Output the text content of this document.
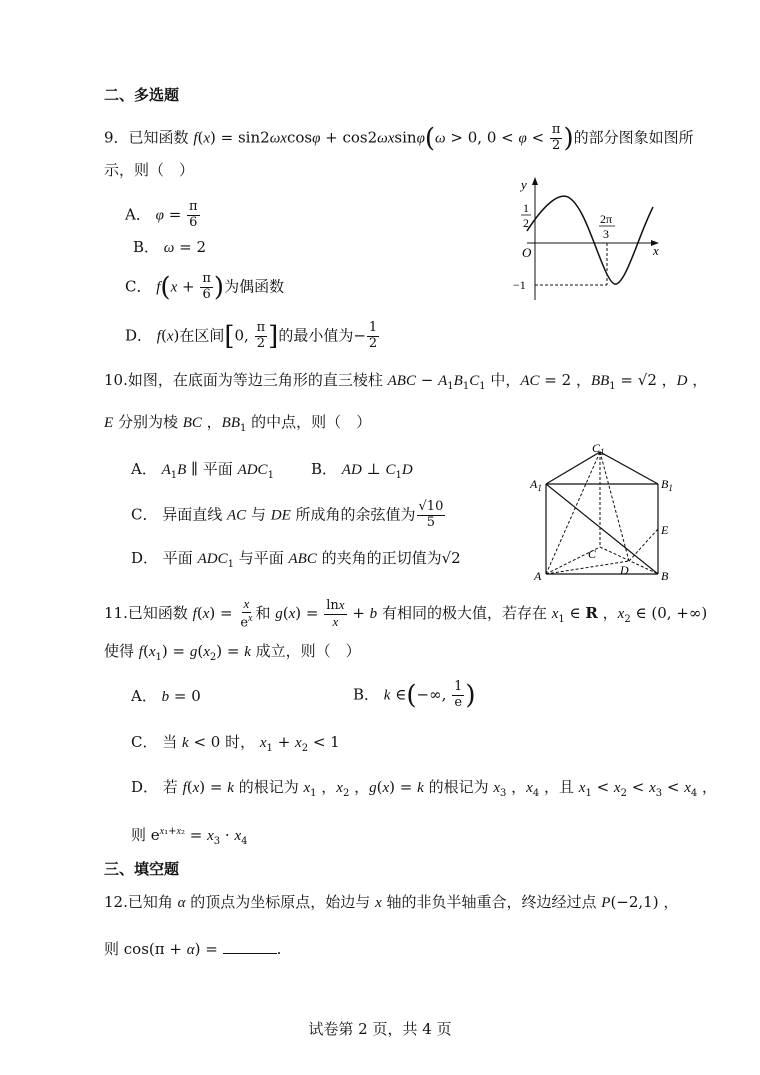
二、多选题
9．已知函数 f(x) = sin2ωxcosφ + cos2ωxsinφ(ω > 0, $0 < \varphi < \frac{\pi}{2}$ )的部分图象如图所
示，则（　）
A． $\varphi = \frac{\pi}{6}$
B． ω = 2
C． $f(x + \frac{\pi}{6}$ )为偶函数
D． f(x)在区间[0, $\frac{\pi}{2}$ ]的最小值为− $\frac{1}{2}$
y
x
O
1
2	2π
3
−1
10.如图，在底面为等边三角形的直三棱柱 ABC − $A_1B_1C_1$ 中，AC = 2 ，$BB_1 = √2$ ，D ，
E 分别为棱 BC ，$BB_1$ 的中点，则（　）
A． $A_1B$ ∥ 平面 $ADC_1$ B． AD ⊥ $C_1D$
C． 异面直线 AC 与 DE 所成角的余弦值为 $\frac{√10}{5}$
D． 平面 $ADC_1$ 与平面 ABC 的夹角的正切值为√2
$C_1$
$A_1$	$B_1$
E
C
D
A	B
11.已知函数 $f(x) = \frac{x}{e^x}$ 和 $g(x) = \frac{\ln x}{x} + b$ 有相同的极大值，若存在 $x_1$ ∈ R ，$x_2$ ∈ (0, +∞)
使得 $f(x_1) = g(x_2) = k$ 成立，则（　）
A． b = 0	B． k ∈(−∞, $\frac{1}{e}$ )
C． 当 k < 0 时， $x_1 + x_2 < 1$
D． 若 f(x) = k 的根记为 $x_1$ ，$x_2$ ，g(x) = k 的根记为 $x_3$ ，$x_4$ ，且 $x_1 < x_2 < x_3 < x_4$ ，
则 $e^{x_1+x_2} = x_3 \cdot x_4$
三、填空题
12.已知角 α 的顶点为坐标原点，始边与 x 轴的非负半轴重合，终边经过点 P(−2,1) ，
则 cos(π + α) =	.
试卷第 2 页，共 4 页
